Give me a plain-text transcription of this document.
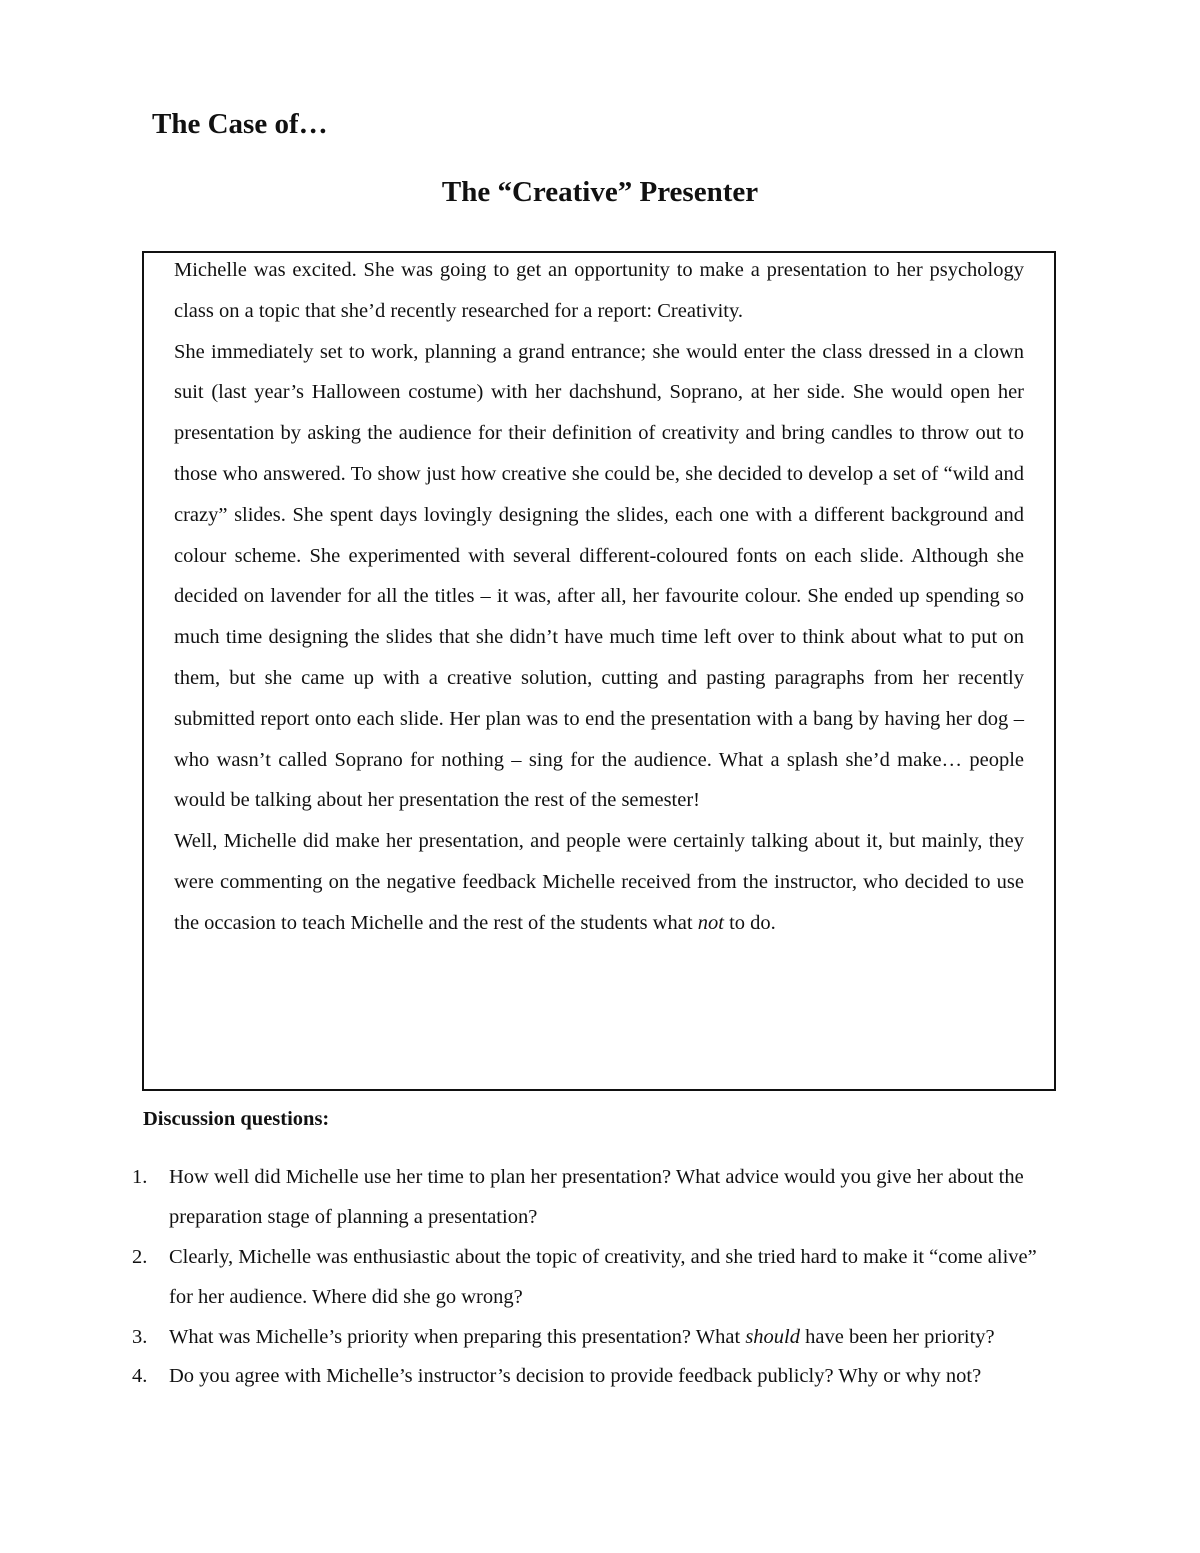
The Case of…
The “Creative” Presenter

Michelle was excited. She was going to get an opportunity to make a presentation to her psychology class on a topic that she’d recently researched for a report: Creativity.

She immediately set to work, planning a grand entrance; she would enter the class dressed in a clown suit (last year’s Halloween costume) with her dachshund, Soprano, at her side. She would open her presentation by asking the audience for their definition of creativity and bring candles to throw out to those who answered. To show just how creative she could be, she decided to develop a set of “wild and crazy” slides. She spent days lovingly designing the slides, each one with a different background and colour scheme. She experimented with several different-coloured fonts on each slide. Although she decided on lavender for all the titles – it was, after all, her favourite colour. She ended up spending so much time designing the slides that she didn’t have much time left over to think about what to put on them, but she came up with a creative solution, cutting and pasting paragraphs from her recently submitted report onto each slide. Her plan was to end the presentation with a bang by having her dog –who wasn’t called Soprano for nothing – sing for the audience. What a splash she’d make… people would be talking about her presentation the rest of the semester!

Well, Michelle did make her presentation, and people were certainly talking about it, but mainly, they were commenting on the negative feedback Michelle received from the instructor, who decided to use the occasion to teach Michelle and the rest of the students what not to do.

Discussion questions:
1. How well did Michelle use her time to plan her presentation? What advice would you give her about the preparation stage of planning a presentation?
2. Clearly, Michelle was enthusiastic about the topic of creativity, and she tried hard to make it “come alive” for her audience. Where did she go wrong?
3. What was Michelle’s priority when preparing this presentation? What should have been her priority?
4. Do you agree with Michelle’s instructor’s decision to provide feedback publicly? Why or why not?
